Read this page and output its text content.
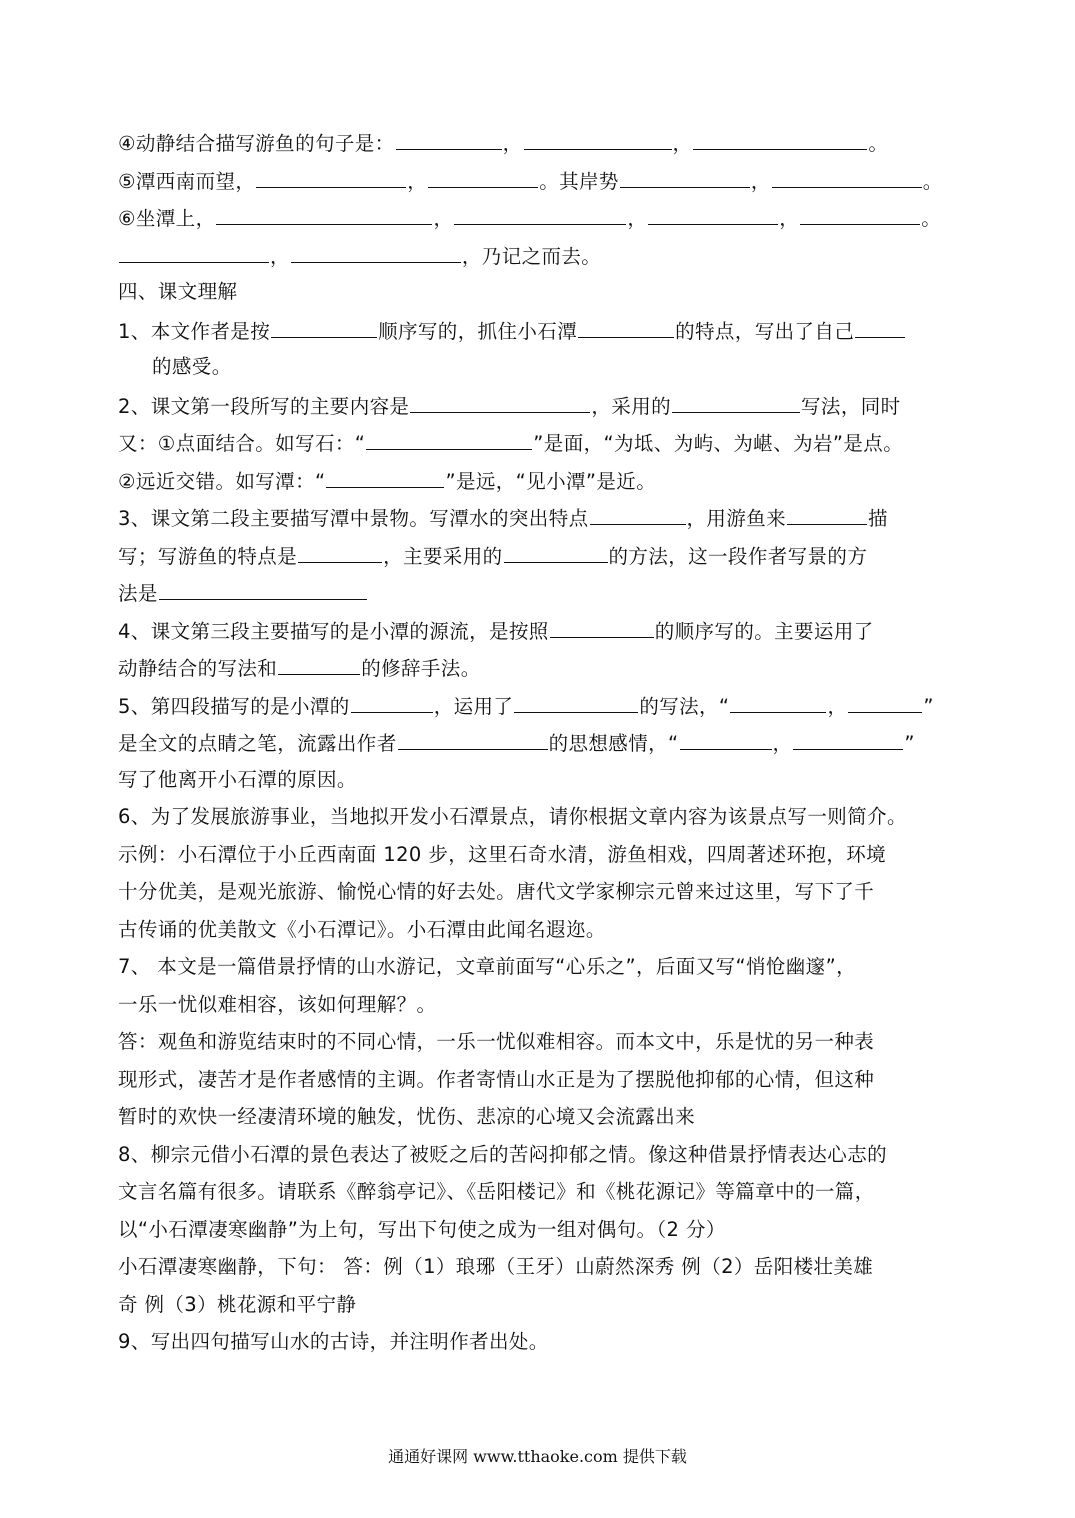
④动静结合描写游鱼的句子是：	，	，	。
⑤潭西南而望，	，	。其岸势	，	。
⑥坐潭上，	，	，	，	。
，	，乃记之而去。
四、课文理解
1、本文作者是按	顺序写的，抓住小石潭	的特点，写出了自己
的感受。
2、课文第一段所写的主要内容是	，采用的	写法，同时
又：①点面结合。如写石：“	”是面，“为坻、为屿、为嵁、为岩”是点。
②远近交错。如写潭：“	”是远，“见小潭”是近。
3、课文第二段主要描写潭中景物。写潭水的突出特点	，用游鱼来	描
写；写游鱼的特点是	，主要采用的	的方法，这一段作者写景的方
法是
4、课文第三段主要描写的是小潭的源流，是按照	的顺序写的。主要运用了
动静结合的写法和	的修辞手法。
5、第四段描写的是小潭的	，运用了	的写法，“	，	”
是全文的点睛之笔，流露出作者	的思想感情，“	，	”
写了他离开小石潭的原因。
6、为了发展旅游事业，当地拟开发小石潭景点，请你根据文章内容为该景点写一则简介。
示例：小石潭位于小丘西南面 120 步，这里石奇水清，游鱼相戏，四周著述环抱，环境
十分优美，是观光旅游、愉悦心情的好去处。唐代文学家柳宗元曾来过这里，写下了千
古传诵的优美散文《小石潭记》。小石潭由此闻名遐迩。
7、 本文是一篇借景抒情的山水游记，文章前面写“心乐之”，后面又写“悄怆幽邃”，
一乐一忧似难相容，该如何理解？。
答：观鱼和游览结束时的不同心情，一乐一忧似难相容。而本文中，乐是忧的另一种表
现形式，凄苦才是作者感情的主调。作者寄情山水正是为了摆脱他抑郁的心情，但这种
暂时的欢快一经凄清环境的触发，忧伤、悲凉的心境又会流露出来
8、柳宗元借小石潭的景色表达了被贬之后的苦闷抑郁之情。像这种借景抒情表达心志的
文言名篇有很多。请联系《醉翁亭记》、《岳阳楼记》和《桃花源记》等篇章中的一篇，
以“小石潭凄寒幽静”为上句，写出下句使之成为一组对偶句。（2 分）
小石潭凄寒幽静，下句： 答：例（1）琅琊（王牙）山蔚然深秀 例（2）岳阳楼壮美雄
奇 例（3）桃花源和平宁静
9、写出四句描写山水的古诗，并注明作者出处。
通通好课网 www.tthaoke.com 提供下载
